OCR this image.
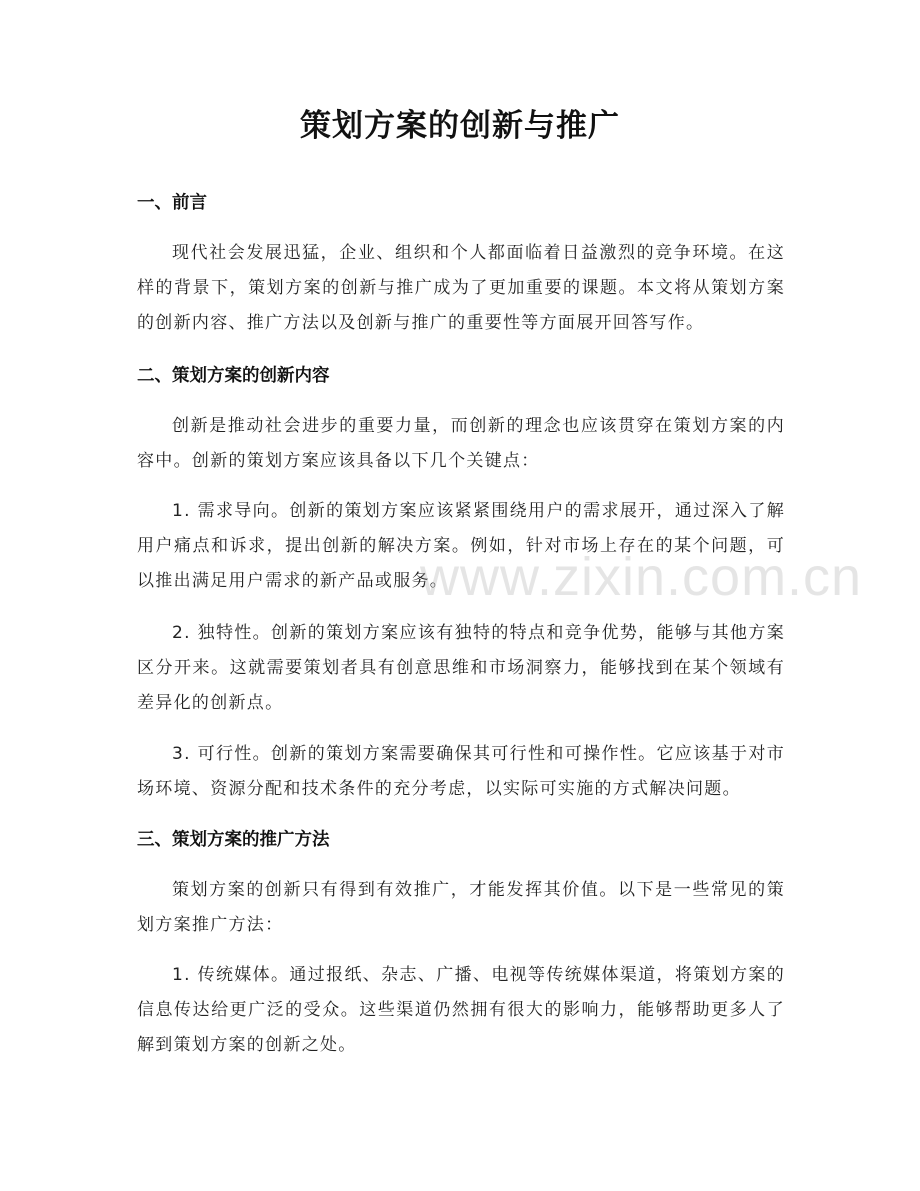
策划方案的创新与推广
一、前言
现代社会发展迅猛，企业、组织和个人都面临着日益激烈的竞争环境。在这样的背景下，策划方案的创新与推广成为了更加重要的课题。本文将从策划方案的创新内容、推广方法以及创新与推广的重要性等方面展开回答写作。
二、策划方案的创新内容
创新是推动社会进步的重要力量，而创新的理念也应该贯穿在策划方案的内容中。创新的策划方案应该具备以下几个关键点：
1. 需求导向。创新的策划方案应该紧紧围绕用户的需求展开，通过深入了解用户痛点和诉求，提出创新的解决方案。例如，针对市场上存在的某个问题，可以推出满足用户需求的新产品或服务。
2. 独特性。创新的策划方案应该有独特的特点和竞争优势，能够与其他方案区分开来。这就需要策划者具有创意思维和市场洞察力，能够找到在某个领域有差异化的创新点。
3. 可行性。创新的策划方案需要确保其可行性和可操作性。它应该基于对市场环境、资源分配和技术条件的充分考虑，以实际可实施的方式解决问题。
三、策划方案的推广方法
策划方案的创新只有得到有效推广，才能发挥其价值。以下是一些常见的策划方案推广方法：
1. 传统媒体。通过报纸、杂志、广播、电视等传统媒体渠道，将策划方案的信息传达给更广泛的受众。这些渠道仍然拥有很大的影响力，能够帮助更多人了解到策划方案的创新之处。
www.zixin.com.cn
